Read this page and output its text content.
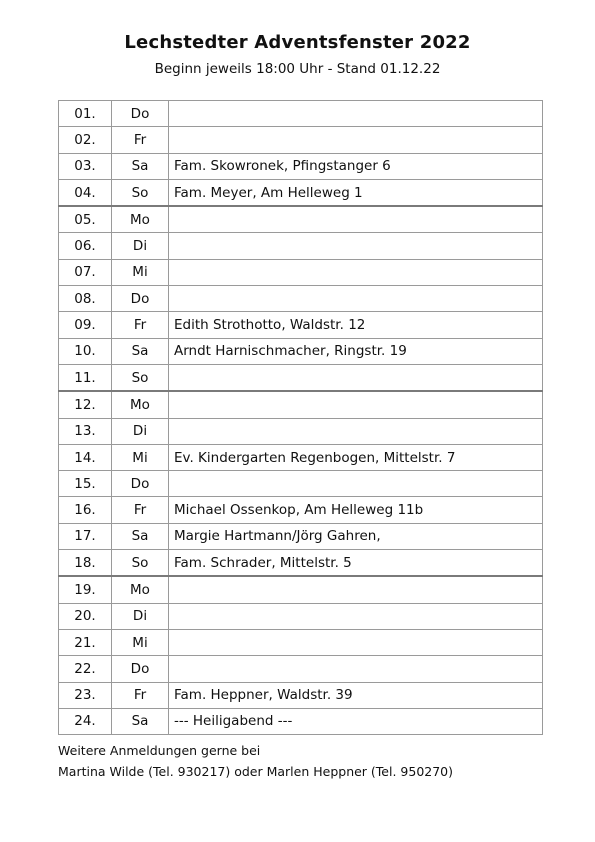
Lechstedter Adventsfenster 2022
Beginn jeweils 18:00 Uhr - Stand 01.12.22
01.	Do	
02.	Fr	
03.	Sa	Fam. Skowronek, Pfingstanger 6
04.	So	Fam. Meyer, Am Helleweg 1
05.	Mo	
06.	Di	
07.	Mi	
08.	Do	
09.	Fr	Edith Strothotto, Waldstr. 12
10.	Sa	Arndt Harnischmacher, Ringstr. 19
11.	So	
12.	Mo	
13.	Di	
14.	Mi	Ev. Kindergarten Regenbogen, Mittelstr. 7
15.	Do	
16.	Fr	Michael Ossenkop, Am Helleweg 11b
17.	Sa	Margie Hartmann/Jörg Gahren,
18.	So	Fam. Schrader, Mittelstr. 5
19.	Mo	
20.	Di	
21.	Mi	
22.	Do	
23.	Fr	Fam. Heppner, Waldstr. 39
24.	Sa	--- Heiligabend ---
Weitere Anmeldungen gerne bei
Martina Wilde (Tel. 930217) oder Marlen Heppner (Tel. 950270)
